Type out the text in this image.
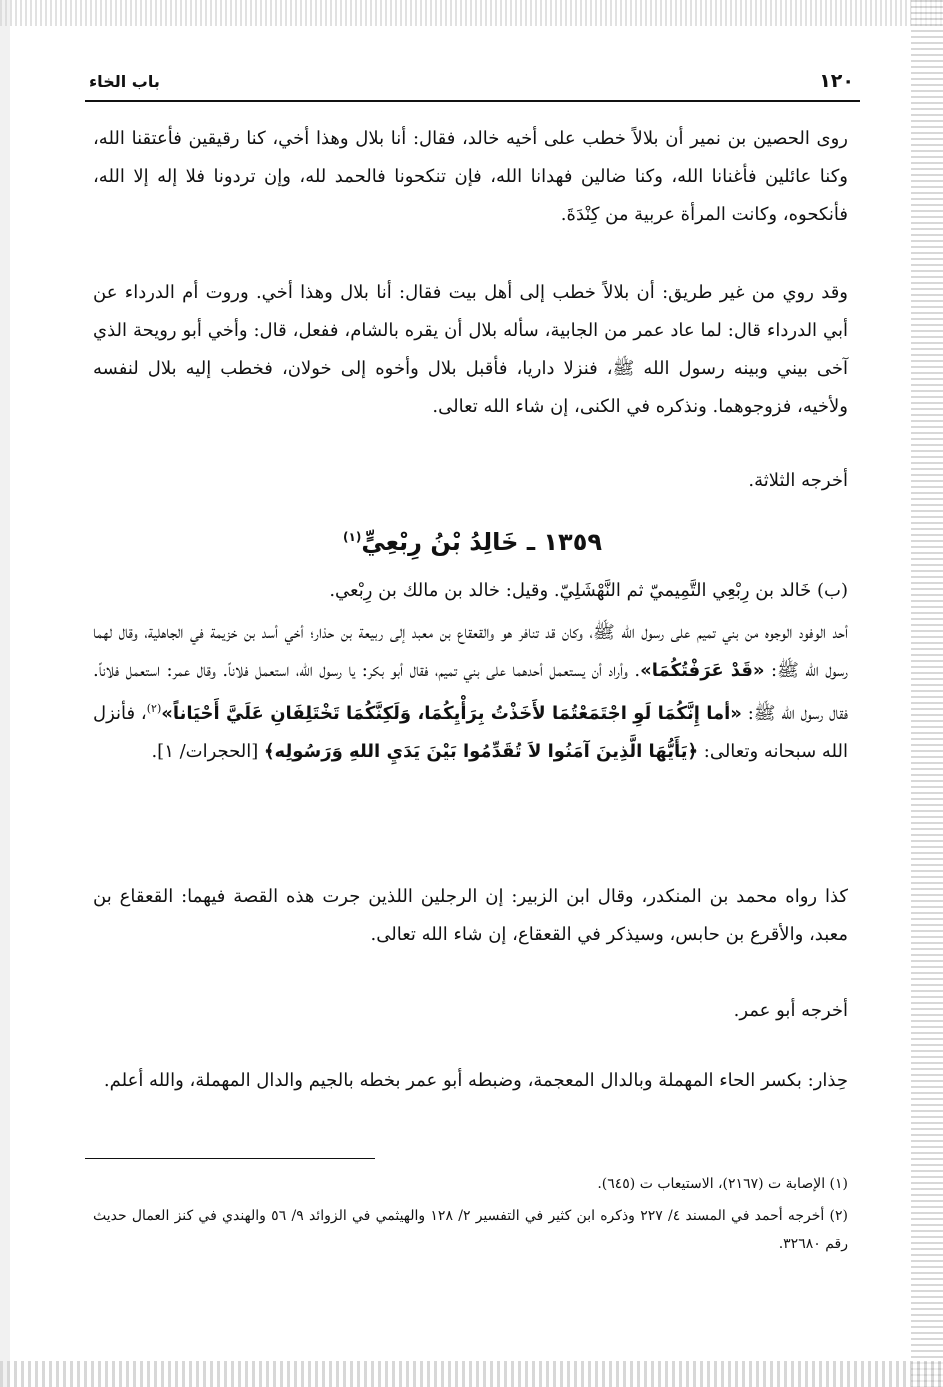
١٢٠
باب الخاء

روى الحصين بن نمير أن بلالاً خطب على أخيه خالد، فقال: أنا بلال وهذا أخي، كنا رقيقين فأعتقنا الله، وكنا عائلين فأغنانا الله، وكنا ضالين فهدانا الله، فإن تنكحونا فالحمد لله، وإن تردونا فلا إله إلا الله، فأنكحوه، وكانت المرأة عربية من كِنْدَةَ.

وقد روي من غير طريق: أن بلالاً خطب إلى أهل بيت فقال: أنا بلال وهذا أخي. وروت أم الدرداء عن أبي الدرداء قال: لما عاد عمر من الجابية، سأله بلال أن يقره بالشام، ففعل، قال: وأخي أبو رويحة الذي آخى بيني وبينه رسول الله ﷺ، فنزلا داريا، فأقبل بلال وأخوه إلى خولان، فخطب إليه بلال لنفسه ولأخيه، فزوجوهما. ونذكره في الكنى، إن شاء الله تعالى.

أخرجه الثلاثة.

١٣٥٩ ـ خَالِدُ بْنُ رِبْعِيٍّ$^{(١)}$

(ب) خَالد بن رِبْعِي التَّمِيميّ ثم النَّهْشَلِيّ. وقيل: خالد بن مالك بن رِبْعي.

أحد الوفود الوجوه من بني تميم على رسول الله ﷺ، وكان قد تنافر هو والقعقاع بن معبد إلى ربيعة بن حذار؛ أخي أسد بن خزيمة في الجاهلية، وقال لهما رسول الله ﷺ: «قَدْ عَرَفْتُكُمَا». وأراد أن يستعمل أحدهما على بني تميم، فقال أبو بكر: يا رسول الله، استعمل فلاناً. وقال عمر: استعمل فلاناً. فقال رسول الله ﷺ: «أما إِنَّكُمَا لَوِ اجْتَمَعْتُمَا لأَخَذْتُ بِرَأْيِكُمَا، وَلَكِنَّكُمَا تَخْتَلِفَانِ عَلَيَّ أَحْيَاناً»$^{(٢)}$، فأنزل الله سبحانه وتعالى: ﴿يَأَيُّهَا الَّذِينَ آمَنُوا لاَ تُقَدِّمُوا بَيْنَ يَدَيِ اللهِ وَرَسُولِه﴾ [الحجرات/ ١].

كذا رواه محمد بن المنكدر، وقال ابن الزبير: إن الرجلين اللذين جرت هذه القصة فيهما: القعقاع بن معبد، والأقرع بن حابس، وسيذكر في القعقاع، إن شاء الله تعالى.

أخرجه أبو عمر.

حِذار: بكسر الحاء المهملة وبالدال المعجمة، وضبطه أبو عمر بخطه بالجيم والدال المهملة، والله أعلم.

(١) الإصابة ت (٢١٦٧)، الاستيعاب ت (٦٤٥).

(٢) أخرجه أحمد في المسند ٤/ ٢٢٧ وذكره ابن كثير في التفسير ٢/ ١٢٨ والهيثمي في الزوائد ٩/ ٥٦ والهندي في كنز العمال حديث رقم ٣٢٦٨٠.
